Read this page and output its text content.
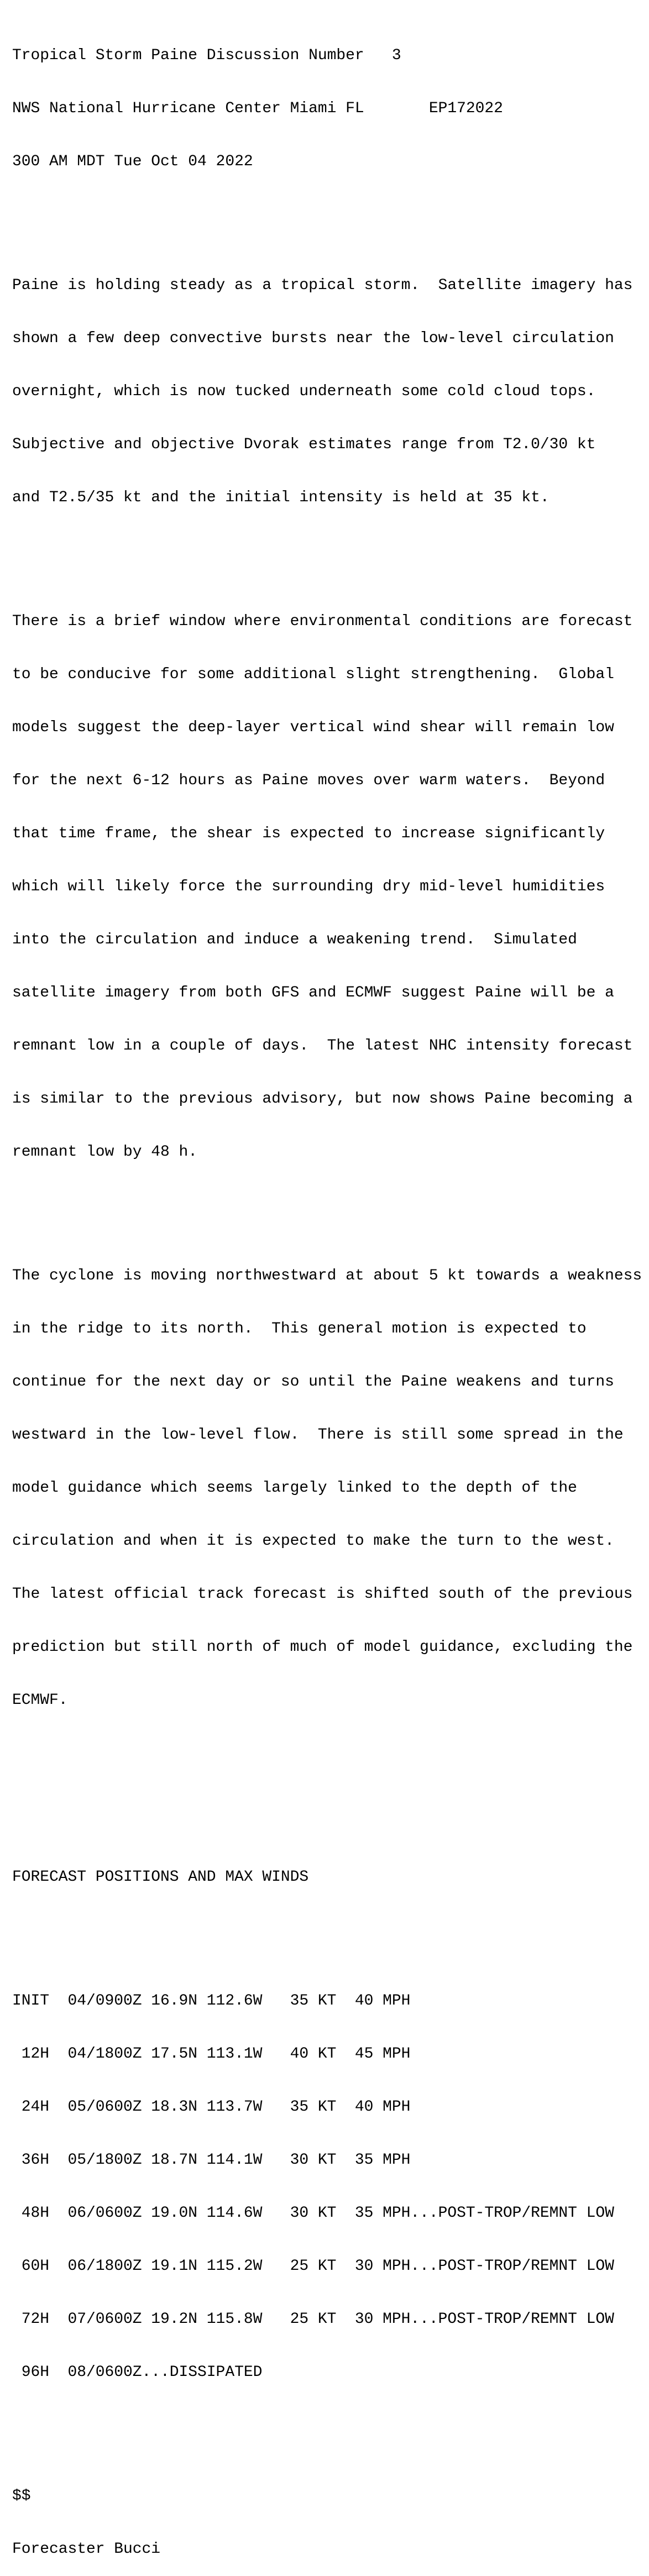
Tropical Storm Paine Discussion Number   3

NWS National Hurricane Center Miami FL       EP172022

300 AM MDT Tue Oct 04 2022

Paine is holding steady as a tropical storm.  Satellite imagery has

shown a few deep convective bursts near the low-level circulation

overnight, which is now tucked underneath some cold cloud tops.

Subjective and objective Dvorak estimates range from T2.0/30 kt

and T2.5/35 kt and the initial intensity is held at 35 kt.

There is a brief window where environmental conditions are forecast

to be conducive for some additional slight strengthening.  Global

models suggest the deep-layer vertical wind shear will remain low

for the next 6-12 hours as Paine moves over warm waters.  Beyond

that time frame, the shear is expected to increase significantly

which will likely force the surrounding dry mid-level humidities

into the circulation and induce a weakening trend.  Simulated

satellite imagery from both GFS and ECMWF suggest Paine will be a

remnant low in a couple of days.  The latest NHC intensity forecast

is similar to the previous advisory, but now shows Paine becoming a

remnant low by 48 h.

The cyclone is moving northwestward at about 5 kt towards a weakness

in the ridge to its north.  This general motion is expected to

continue for the next day or so until the Paine weakens and turns

westward in the low-level flow.  There is still some spread in the

model guidance which seems largely linked to the depth of the

circulation and when it is expected to make the turn to the west.

The latest official track forecast is shifted south of the previous

prediction but still north of much of model guidance, excluding the

ECMWF.

FORECAST POSITIONS AND MAX WINDS

INIT  04/0900Z 16.9N 112.6W   35 KT  40 MPH

12H  04/1800Z 17.5N 113.1W   40 KT  45 MPH

24H  05/0600Z 18.3N 113.7W   35 KT  40 MPH

36H  05/1800Z 18.7N 114.1W   30 KT  35 MPH

48H  06/0600Z 19.0N 114.6W   30 KT  35 MPH...POST-TROP/REMNT LOW

60H  06/1800Z 19.1N 115.2W   25 KT  30 MPH...POST-TROP/REMNT LOW

72H  07/0600Z 19.2N 115.8W   25 KT  30 MPH...POST-TROP/REMNT LOW

96H  08/0600Z...DISSIPATED

$$

Forecaster Bucci
